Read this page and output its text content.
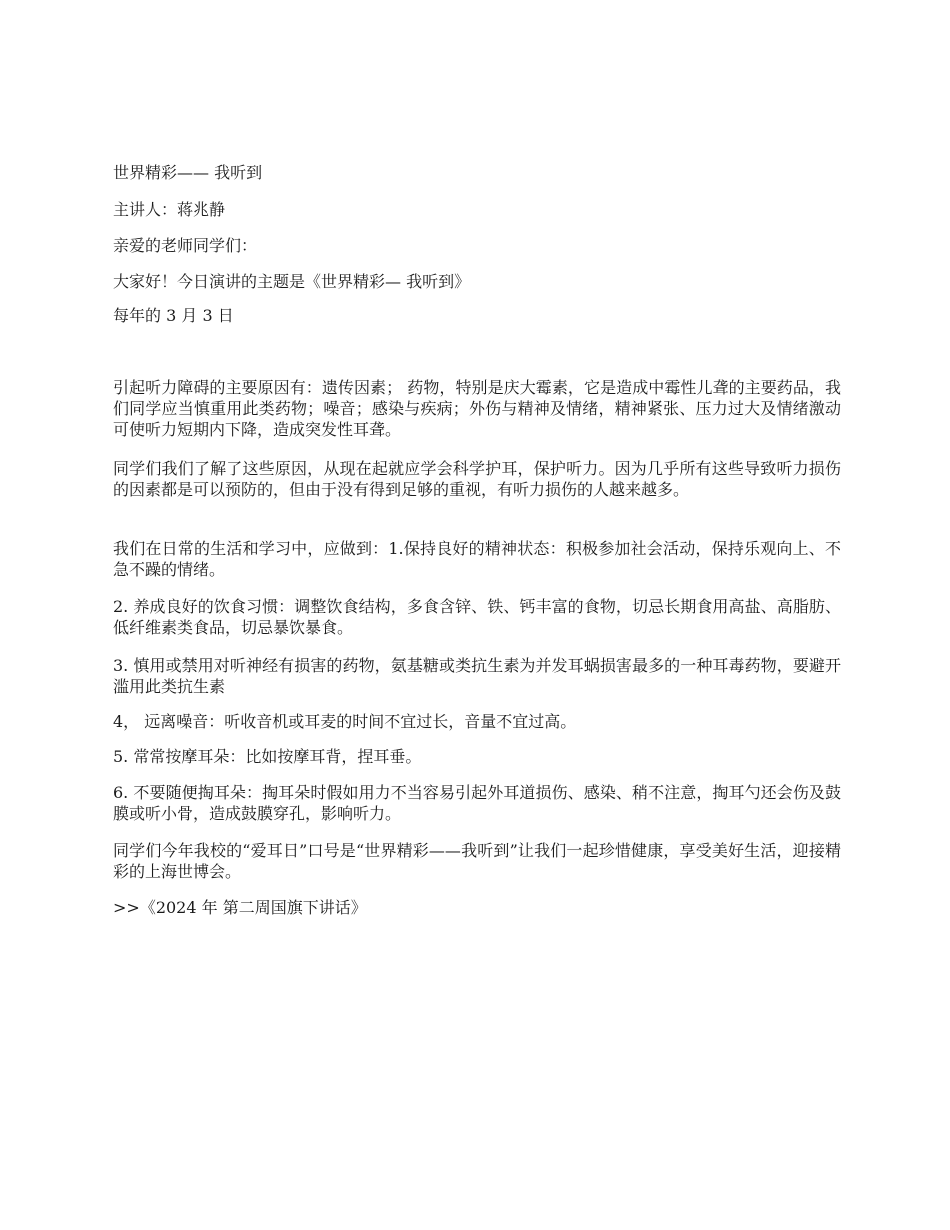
世界精彩—— 我听到

主讲人：蒋兆静

亲爱的老师同学们：

大家好！今日演讲的主题是《世界精彩— 我听到》

每年的 3 月 3 日

引起听力障碍的主要原因有：遗传因素； 药物，特别是庆大霉素，它是造成中霉性儿聋的主要药品，我们同学应当慎重用此类药物；噪音；感染与疾病；外伤与精神及情绪，精神紧张、压力过大及情绪激动可使听力短期内下降，造成突发性耳聋。

同学们我们了解了这些原因，从现在起就应学会科学护耳，保护听力。因为几乎所有这些导致听力损伤的因素都是可以预防的，但由于没有得到足够的重视，有听力损伤的人越来越多。

我们在日常的生活和学习中，应做到：1.保持良好的精神状态：积极参加社会活动，保持乐观向上、不急不躁的情绪。

2. 养成良好的饮食习惯：调整饮食结构，多食含锌、铁、钙丰富的食物，切忌长期食用高盐、高脂肪、低纤维素类食品，切忌暴饮暴食。

3. 慎用或禁用对听神经有损害的药物，氨基糖或类抗生素为并发耳蜗损害最多的一种耳毒药物，要避开滥用此类抗生素

4， 远离噪音：听收音机或耳麦的时间不宜过长，音量不宜过高。

5. 常常按摩耳朵：比如按摩耳背，捏耳垂。

6. 不要随便掏耳朵：掏耳朵时假如用力不当容易引起外耳道损伤、感染、稍不注意，掏耳勺还会伤及鼓膜或听小骨，造成鼓膜穿孔，影响听力。

同学们今年我校的“爱耳日”口号是“世界精彩——我听到”让我们一起珍惜健康，享受美好生活，迎接精彩的上海世博会。

>>《2024 年 第二周国旗下讲话》
